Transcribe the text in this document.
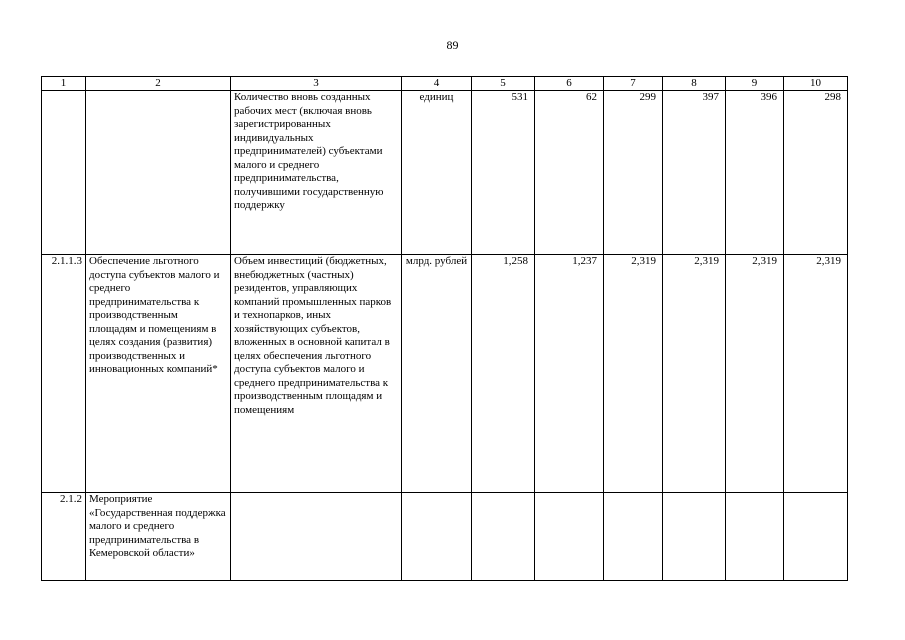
89
1	2	3	4	5	6	7	8	9	10
		Количество вновь созданных рабочих мест (включая вновь зарегистрированных индивидуальных предпринимателей) субъектами малого и среднего предпринимательства, получившими государственную поддержку	единиц	531	62	299	397	396	298
2.1.1.3	Обеспечение льготного доступа субъектов малого и среднего предпринимательства к производственным площадям и помещениям в целях создания (развития) производственных и инновационных компаний*	Объем инвестиций (бюджетных, внебюджетных (частных) резидентов, управляющих компаний промышленных парков и технопарков, иных хозяйствующих субъектов, вложенных в основной капитал в целях обеспечения льготного доступа субъектов малого и среднего предпринимательства к производственным площадям и помещениям	млрд. рублей	1,258	1,237	2,319	2,319	2,319	2,319
2.1.2	Мероприятие «Государственная поддержка малого и среднего предпринимательства в Кемеровской области»								
